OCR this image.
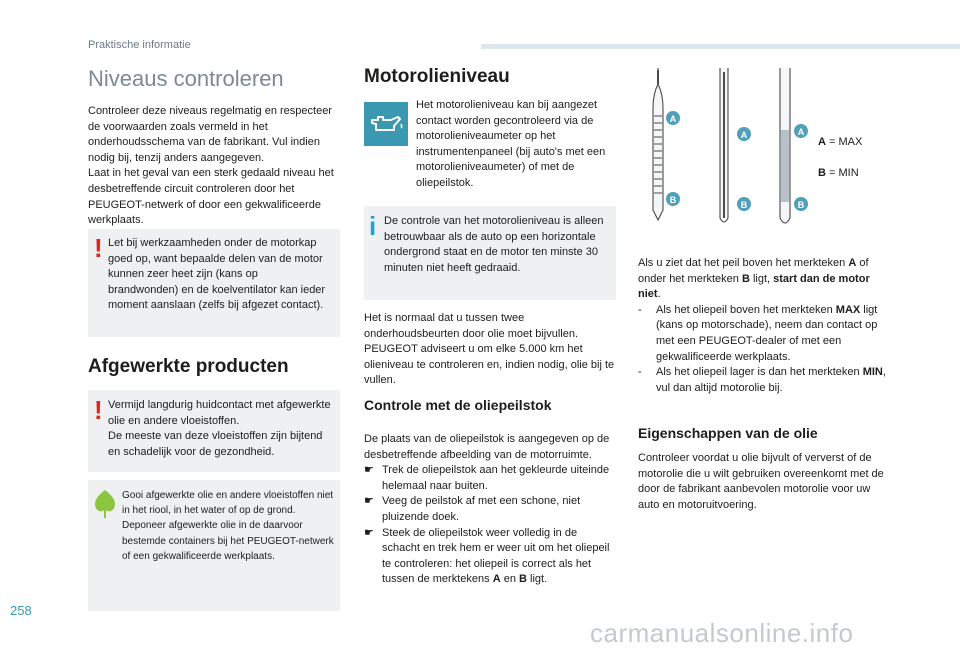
Praktische informatie
Niveaus controleren
Controleer deze niveaus regelmatig en respecteer de voorwaarden zoals vermeld in het onderhoudsschema van de fabrikant. Vul indien nodig bij, tenzij anders aangegeven.
Laat in het geval van een sterk gedaald niveau het desbetreffende circuit controleren door het PEUGEOT-netwerk of door een gekwalificeerde werkplaats.
! Let bij werkzaamheden onder de motorkap goed op, want bepaalde delen van de motor kunnen zeer heet zijn (kans op brandwonden) en de koelventilator kan ieder moment aanslaan (zelfs bij afgezet contact).
Afgewerkte producten
! Vermijd langdurig huidcontact met afgewerkte olie en andere vloeistoffen.
De meeste van deze vloeistoffen zijn bijtend en schadelijk voor de gezondheid.
Gooi afgewerkte olie en andere vloeistoffen niet in het riool, in het water of op de grond.
Deponeer afgewerkte olie in de daarvoor bestemde containers bij het PEUGEOT-netwerk of een gekwalificeerde werkplaats.
Motorolieniveau
Het motorolieniveau kan bij aangezet contact worden gecontroleerd via de motorolieniveaumeter op het instrumentenpaneel (bij auto's met een motorolieniveaumeter) of met de oliepeilstok.
i De controle van het motorolieniveau is alleen betrouwbaar als de auto op een horizontale ondergrond staat en de motor ten minste 30 minuten niet heeft gedraaid.
Het is normaal dat u tussen twee onderhoudsbeurten door olie moet bijvullen. PEUGEOT adviseert u om elke 5.000 km het olieniveau te controleren en, indien nodig, olie bij te vullen.
Controle met de oliepeilstok
De plaats van de oliepeilstok is aangegeven op de desbetreffende afbeelding van de motorruimte.
☛ Trek de oliepeilstok aan het gekleurde uiteinde helemaal naar buiten.
☛ Veeg de peilstok af met een schone, niet pluizende doek.
☛ Steek de oliepeilstok weer volledig in de schacht en trek hem er weer uit om het oliepeil te controleren: het oliepeil is correct als het tussen de merktekens A en B ligt.
A
B
A
B
A
B
A = MAX
B = MIN
Als u ziet dat het peil boven het merkteken A of onder het merkteken B ligt, start dan de motor niet.
-	Als het oliepeil boven het merkteken MAX ligt (kans op motorschade), neem dan contact op met een PEUGEOT-dealer of met een gekwalificeerde werkplaats.
-	Als het oliepeil lager is dan het merkteken MIN, vul dan altijd motorolie bij.
Eigenschappen van de olie
Controleer voordat u olie bijvult of ververst of de motorolie die u wilt gebruiken overeenkomt met de door de fabrikant aanbevolen motorolie voor uw auto en motoruitvoering.
258
carmanualsonline.info
